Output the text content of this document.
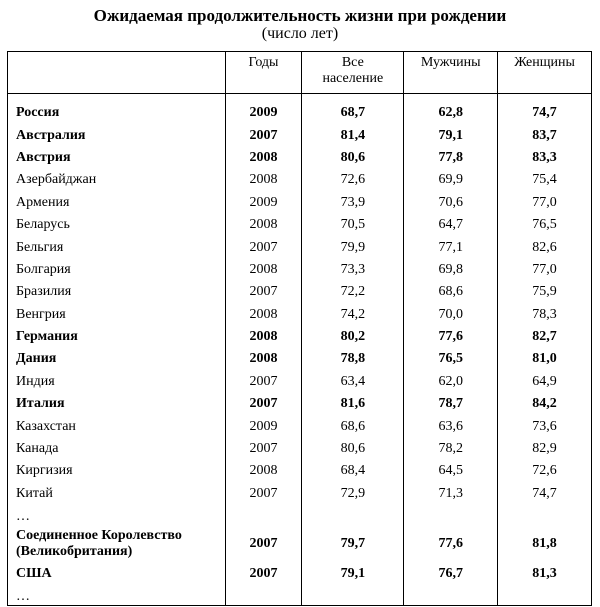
Ожидаемая продолжительность жизни при рождении
(число лет)
	Годы	Все население	Мужчины	Женщины
Россия	2009	68,7	62,8	74,7
Австралия	2007	81,4	79,1	83,7
Австрия	2008	80,6	77,8	83,3
Азербайджан	2008	72,6	69,9	75,4
Армения	2009	73,9	70,6	77,0
Беларусь	2008	70,5	64,7	76,5
Бельгия	2007	79,9	77,1	82,6
Болгария	2008	73,3	69,8	77,0
Бразилия	2007	72,2	68,6	75,9
Венгрия	2008	74,2	70,0	78,3
Германия	2008	80,2	77,6	82,7
Дания	2008	78,8	76,5	81,0
Индия	2007	63,4	62,0	64,9
Италия	2007	81,6	78,7	84,2
Казахстан	2009	68,6	63,6	73,6
Канада	2007	80,6	78,2	82,9
Киргизия	2008	68,4	64,5	72,6
Китай	2007	72,9	71,3	74,7
…				
Соединенное Королевство (Великобритания)	2007	79,7	77,6	81,8
США	2007	79,1	76,7	81,3
…				
